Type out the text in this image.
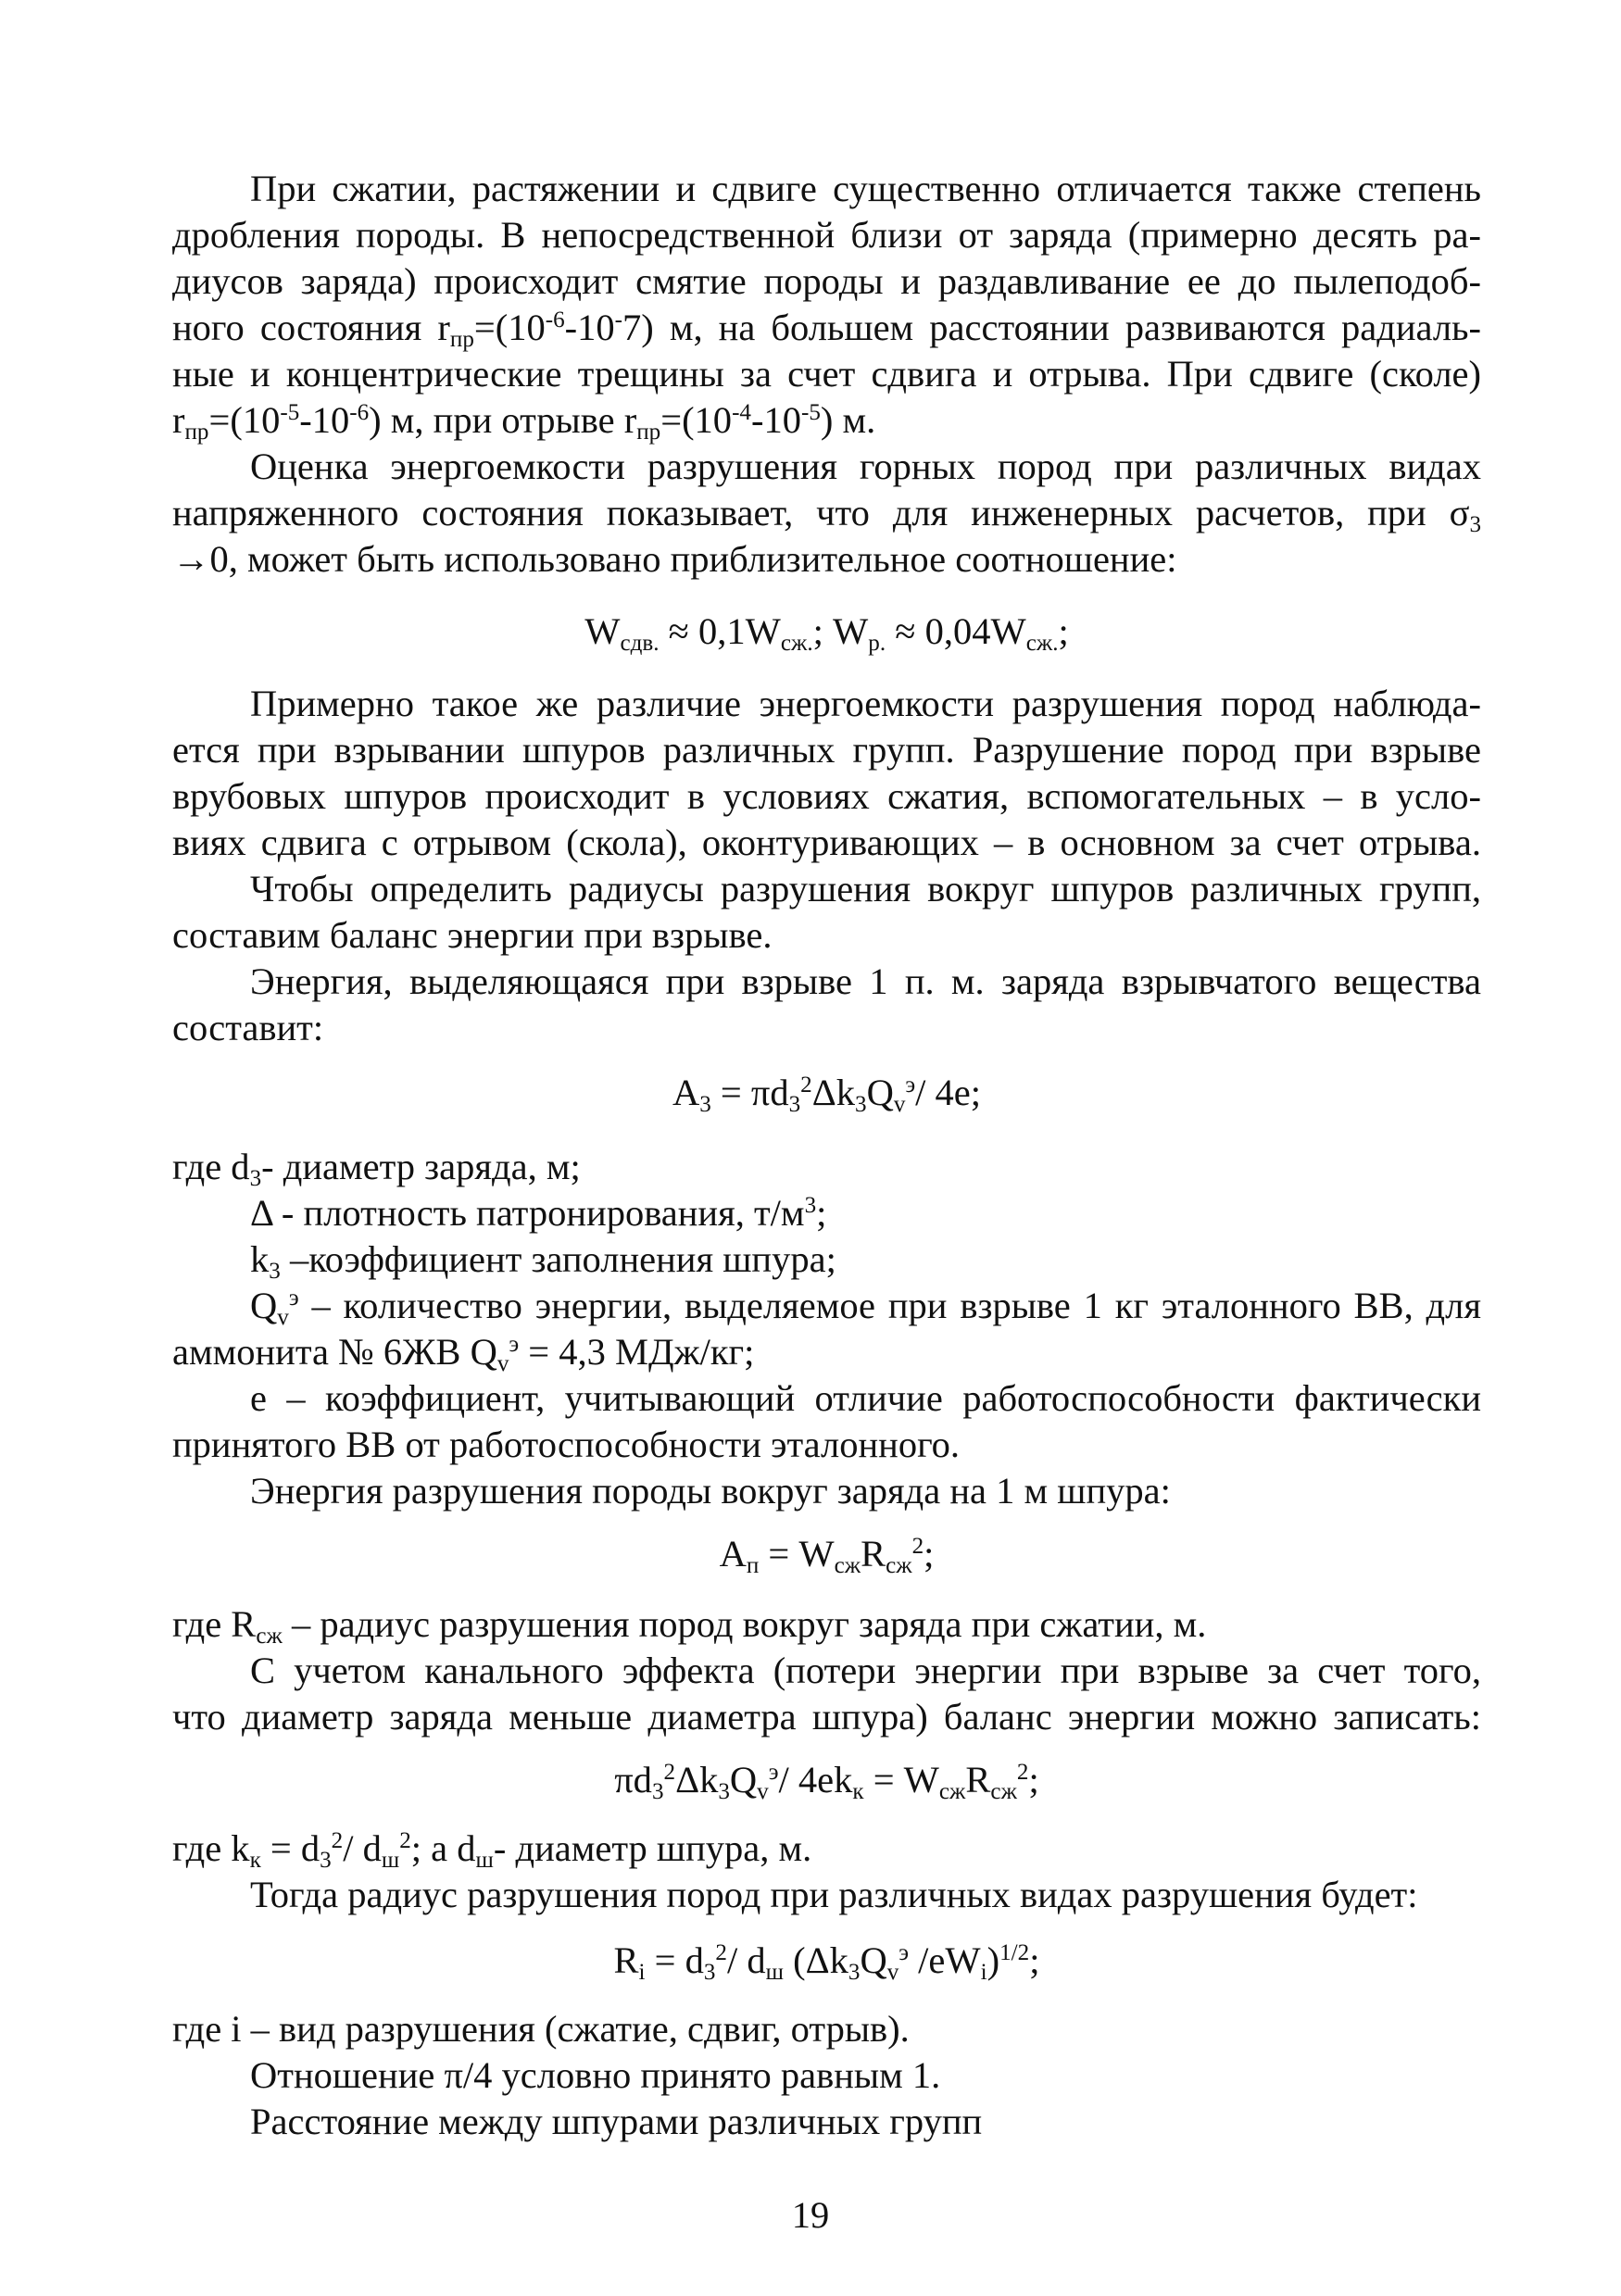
При сжатии, растяжении и сдвиге существенно отличается также степень

дробления породы. В непосредственной близи от заряда (примерно десять ра-

диусов заряда) происходит смятие породы и раздавливание ее до пылеподоб-

ного состояния $r_{пр}=(10^{-6}-10^-7)$ м, на большем расстоянии развиваются радиаль-

ные и концентрические трещины за счет сдвига и отрыва. При сдвиге (сколе)

$r_{пр}=(10^{-5}-10^{-6})$ м, при отрыве $r_{пр}=(10^{-4}-10^{-5})$ м.

Оценка энергоемкости разрушения горных пород при различных видах

напряженного состояния показывает, что для инженерных расчетов, при $\sigma_3$

→0, может быть использовано приблизительное соотношение:

$W_{сдв.} \approx 0,1W_{сж.}$; $W_{р.} \approx 0,04W_{сж.}$;

Примерно такое же различие энергоемкости разрушения пород наблюда-

ется при взрывании шпуров различных групп. Разрушение пород при взрыве

врубовых шпуров происходит в условиях сжатия, вспомогательных – в усло-

виях сдвига с отрывом (скола), оконтуривающих – в основном за счет отрыва.

Чтобы определить радиусы разрушения вокруг шпуров различных групп,

составим баланс энергии при взрыве.

Энергия, выделяющаяся при взрыве 1 п. м. заряда взрывчатого вещества

составит:

$A_3 = \pi d_3^2\Delta k_3Q_v^э/$ 4e;

где $d_3-$ диаметр заряда, м;

Δ - плотность патронирования, $т/м^3$;

$k_3$ –коэффициент заполнения шпура;

$Q_v^э$ – количество энергии, выделяемое при взрыве 1 кг эталонного ВВ, для

аммонита № 6ЖВ $Q_v^э = 4,3$ МДж/кг;

е – коэффициент, учитывающий отличие работоспособности фактически

принятого ВВ от работоспособности эталонного.

Энергия разрушения породы вокруг заряда на 1 м шпура:

$A_п = W_{сж}R_{сж}^2$;

где $R_{сж}$ – радиус разрушения пород вокруг заряда при сжатии, м.

С учетом канального эффекта (потери энергии при взрыве за счет того,

что диаметр заряда меньше диаметра шпура) баланс энергии можно записать:

$\pi d_3^2\Delta k_3Q_v^э/$ $4ek_к = W_{сж}R_{сж}^2$;

где $k_к = d_3^2/$ $d_ш^2$; а $d_ш-$ диаметр шпура, м.

Тогда радиус разрушения пород при различных видах разрушения будет:

$R_i = d_3^2/$ $d_ш$ ($\Delta k_3Q_v^э$ $/eW_i)^{1/2}$;

где i – вид разрушения (сжатие, сдвиг, отрыв).

Отношение π/4 условно принято равным 1.

Расстояние между шпурами различных групп

19
